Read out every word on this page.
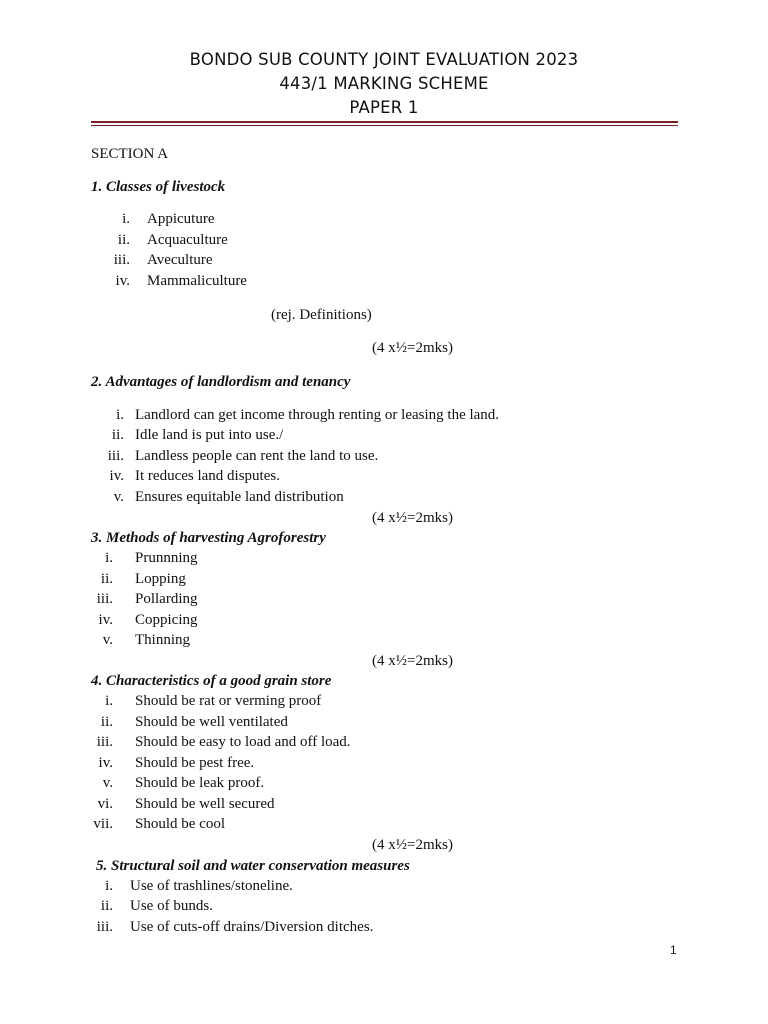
BONDO SUB COUNTY JOINT EVALUATION 2023
443/1 MARKING SCHEME
PAPER 1
SECTION A
1. Classes of livestock
i. Appicuture
ii. Acquaculture
iii. Aveculture
iv. Mammaliculture
(rej. Definitions)
(4 x½=2mks)
2. Advantages of landlordism and tenancy
i. Landlord can get income through renting or leasing the land.
ii. Idle land is put into use./
iii. Landless people can rent the land to use.
iv. It reduces land disputes.
v. Ensures equitable land distribution
(4 x½=2mks)
3. Methods of harvesting Agroforestry
i. Prunnning
ii. Lopping
iii. Pollarding
iv. Coppicing
v. Thinning
(4 x½=2mks)
4. Characteristics of a good grain store
i. Should be rat or verming proof
ii. Should be well ventilated
iii. Should be easy to load and off load.
iv. Should be pest free.
v. Should be leak proof.
vi. Should be well secured
vii. Should be cool
(4 x½=2mks)
5. Structural soil and water conservation measures
i. Use of trashlines/stoneline.
ii. Use of bunds.
iii. Use of cuts-off drains/Diversion ditches.
1
